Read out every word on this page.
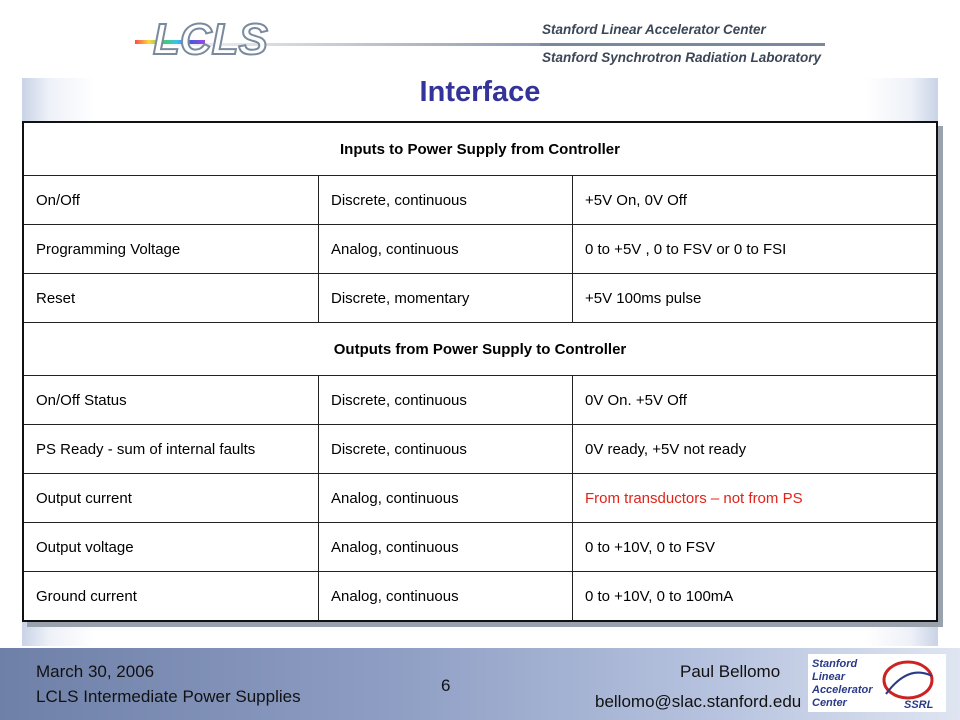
LCLS	Stanford Linear Accelerator Center
Stanford Synchrotron Radiation Laboratory
Interface
Inputs to Power Supply from Controller		
On/Off	Discrete, continuous	+5V On, 0V Off
Programming Voltage	Analog, continuous	0 to +5V , 0 to FSV or 0 to FSI
Reset	Discrete, momentary	+5V 100ms pulse
Outputs from Power Supply to Controller		
On/Off Status	Discrete, continuous	0V On. +5V Off
PS Ready - sum of internal faults	Discrete, continuous	0V ready, +5V not ready
Output current	Analog, continuous	From transductors – not from PS
Output voltage	Analog, continuous	0 to +10V, 0 to FSV
Ground current	Analog, continuous	0 to +10V, 0 to 100mA
March 30, 2006
LCLS Intermediate Power Supplies
6
Paul Bellomo
bellomo@slac.stanford.edu
Stanford
Linear
Accelerator
Center	SSRL
